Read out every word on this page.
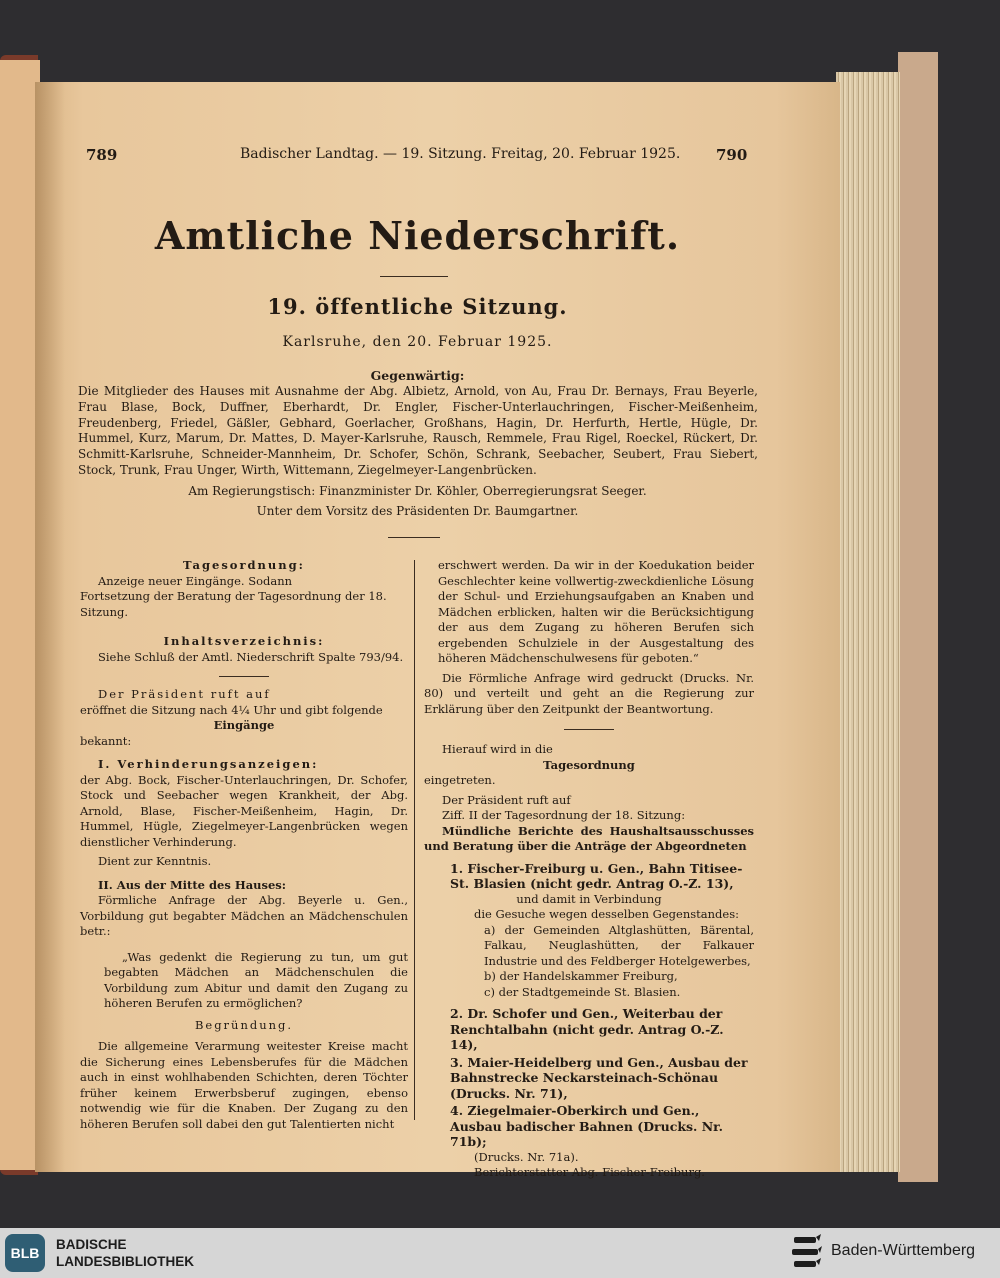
789	Badischer Landtag. — 19. Sitzung. Freitag, 20. Februar 1925. 790
Amtliche Niederschrift.
19. öffentliche Sitzung.
Karlsruhe, den 20. Februar 1925.
Gegenwärtig:
Die Mitglieder des Hauses mit Ausnahme der Abg. Albietz, Arnold, von Au, Frau Dr. Bernays, Frau Beyerle, Frau Blase, Bock, Duffner, Eberhardt, Dr. Engler, Fischer-Unterlauchringen, Fischer-Meißenheim, Freudenberg, Friedel, Gäßler, Gebhard, Goerlacher, Großhans, Hagin, Dr. Herfurth, Hertle, Hügle, Dr. Hummel, Kurz, Marum, Dr. Mattes, D. Mayer-Karlsruhe, Rausch, Remmele, Frau Rigel, Roeckel, Rückert, Dr. Schmitt-Karlsruhe, Schneider-Mannheim, Dr. Schofer, Schön, Schrank, Seebacher, Seubert, Frau Siebert, Stock, Trunk, Frau Unger, Wirth, Wittemann, Ziegelmeyer-Langenbrücken.
Am Regierungstisch: Finanzminister Dr. Köhler, Oberregierungsrat Seeger.
Unter dem Vorsitz des Präsidenten Dr. Baumgartner.

Tagesordnung:

Anzeige neuer Eingänge. Sodann

Fortsetzung der Beratung der Tagesordnung der 18. Sitzung.

Inhaltsverzeichnis:

Siehe Schluß der Amtl. Niederschrift Spalte 793/94.

Der Präsident ruft auf

eröffnet die Sitzung nach 4¼ Uhr und gibt folgende

Eingänge

bekannt:

I. Verhinderungsanzeigen:

der Abg. Bock, Fischer-Unterlauchringen, Dr. Schofer, Stock und Seebacher wegen Krankheit, der Abg. Arnold, Blase, Fischer-Meißenheim, Hagin, Dr. Hummel, Hügle, Ziegelmeyer-Langenbrücken wegen dienstlicher Verhinderung.

Dient zur Kenntnis.

II. Aus der Mitte des Hauses:

Förmliche Anfrage der Abg. Beyerle u. Gen., Vorbildung gut begabter Mädchen an Mädchenschulen betr.:

„Was gedenkt die Regierung zu tun, um gut begabten Mädchen an Mädchenschulen die Vorbildung zum Abitur und damit den Zugang zu höheren Berufen zu ermöglichen?

Begründung.

Die allgemeine Verarmung weitester Kreise macht die Sicherung eines Lebensberufes für die Mädchen auch in einst wohlhabenden Schichten, deren Töchter früher keinem Erwerbsberuf zugingen, ebenso notwendig wie für die Knaben. Der Zugang zu den höheren Berufen soll dabei den gut Talentierten nicht

erschwert werden. Da wir in der Koedukation beider Geschlechter keine vollwertig-zweckdienliche Lösung der Schul- und Erziehungsaufgaben an Knaben und Mädchen erblicken, halten wir die Berücksichtigung der aus dem Zugang zu höheren Berufen sich ergebenden Schulziele in der Ausgestaltung des höheren Mädchenschulwesens für geboten.“

Die Förmliche Anfrage wird gedruckt (Drucks. Nr. 80) und verteilt und geht an die Regierung zur Erklärung über den Zeitpunkt der Beantwortung.

Hierauf wird in die

Tagesordnung

eingetreten.

Der Präsident ruft auf

Ziff. II der Tagesordnung der 18. Sitzung:

Mündliche Berichte des Haushaltsausschusses und Beratung über die Anträge der Abgeordneten

1. Fischer-Freiburg u. Gen., Bahn Titisee-St. Blasien (nicht gedr. Antrag O.-Z. 13),

und damit in Verbindung

die Gesuche wegen desselben Gegenstandes:

a) der Gemeinden Altglashütten, Bärental, Falkau, Neuglashütten, der Falkauer Industrie und des Feldberger Hotelgewerbes,

b) der Handelskammer Freiburg,

c) der Stadtgemeinde St. Blasien.

2. Dr. Schofer und Gen., Weiterbau der Renchtalbahn (nicht gedr. Antrag O.-Z. 14),

3. Maier-Heidelberg und Gen., Ausbau der Bahnstrecke Neckarsteinach-Schönau (Drucks. Nr. 71),

4. Ziegelmaier-Oberkirch und Gen., Ausbau badischer Bahnen (Drucks. Nr. 71b);

(Drucks. Nr. 71a).

Berichterstatter Abg. Fischer-Freiburg.

BLB
BADISCHE
LANDESBIBLIOTHEK
Baden-Württemberg
